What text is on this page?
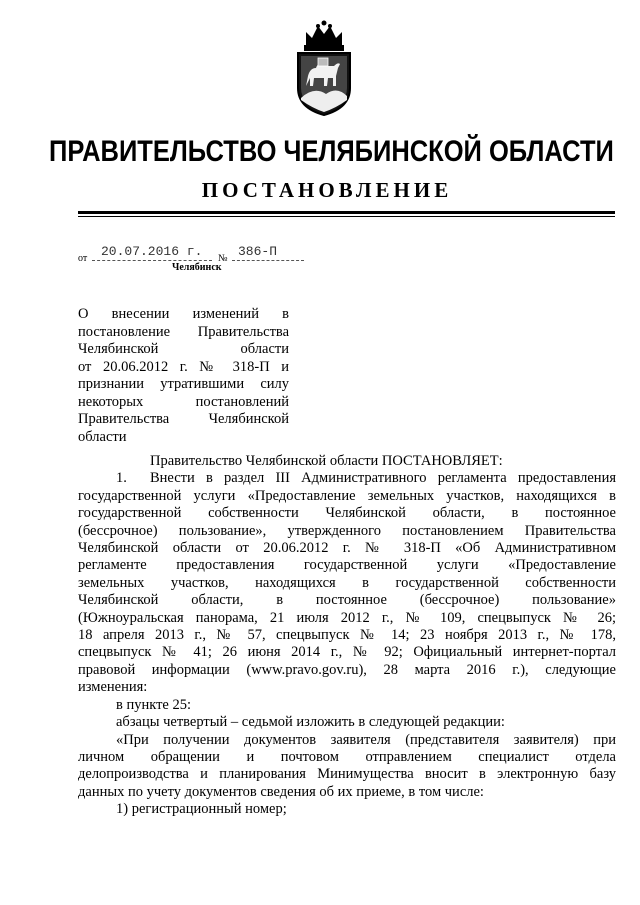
ПРАВИТЕЛЬСТВО ЧЕЛЯБИНСКОЙ ОБЛАСТИ
ПОСТАНОВЛЕНИЕ
от 20.07.2016 г. № 386-П
Челябинск
О внесении изменений в
постановление Правительства
Челябинской области
от 20.06.2012 г. № 318-П и
признании утратившими силу
некоторых постановлений
Правительства Челябинской
области
Правительство Челябинской области ПОСТАНОВЛЯЕТ:
1.	Внести в раздел III Административного регламента предоставления
государственной услуги «Предоставление земельных участков, находящихся в
государственной собственности Челябинской области, в постоянное
(бессрочное) пользование», утвержденного постановлением Правительства
Челябинской области от 20.06.2012 г. № 318-П «Об Административном
регламенте предоставления государственной услуги «Предоставление
земельных участков, находящихся в государственной собственности
Челябинской области, в постоянное (бессрочное) пользование»
(Южноуральская панорама, 21 июля 2012 г., № 109, спецвыпуск № 26;
18 апреля 2013 г., № 57, спецвыпуск № 14; 23 ноября 2013 г., № 178,
спецвыпуск № 41; 26 июня 2014 г., № 92; Официальный интернет-портал
правовой информации (www.pravo.gov.ru), 28 марта 2016 г.), следующие
изменения:
в пункте 25:
абзацы четвертый – седьмой изложить в следующей редакции:
«При получении документов заявителя (представителя заявителя) при
личном обращении и почтовом отправлением специалист отдела
делопроизводства и планирования Минимущества вносит в электронную базу
данных по учету документов сведения об их приеме, в том числе:
1) регистрационный номер;
